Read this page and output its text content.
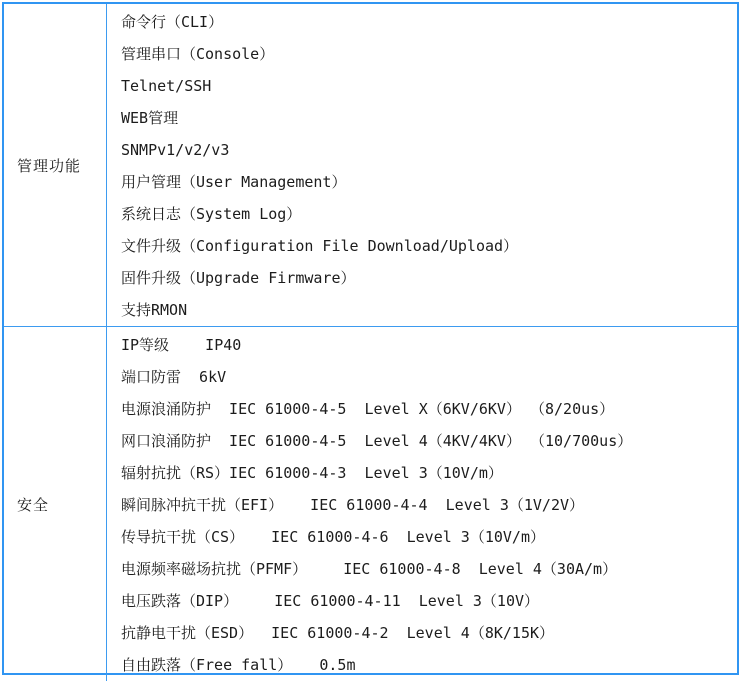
管理功能
命令行（CLI）
管理串口（Console）
Telnet/SSH
WEB管理
SNMPv1/v2/v3
用户管理（User Management）
系统日志（System Log）
文件升级（Configuration File Download/Upload）
固件升级（Upgrade Firmware）
支持RMON
安全
IP等级    IP40
端口防雷  6kV
电源浪涌防护  IEC 61000-4-5  Level X（6KV/6KV） （8/20us）
网口浪涌防护  IEC 61000-4-5  Level 4（4KV/4KV） （10/700us）
辐射抗扰（RS）IEC 61000-4-3  Level 3（10V/m）
瞬间脉冲抗干扰（EFI）   IEC 61000-4-4  Level 3（1V/2V）
传导抗干扰（CS）   IEC 61000-4-6  Level 3（10V/m）
电源频率磁场抗扰（PFMF）    IEC 61000-4-8  Level 4（30A/m）
电压跌落（DIP）    IEC 61000-4-11  Level 3（10V）
抗静电干扰（ESD）  IEC 61000-4-2  Level 4（8K/15K）
自由跌落（Free fall）   0.5m
